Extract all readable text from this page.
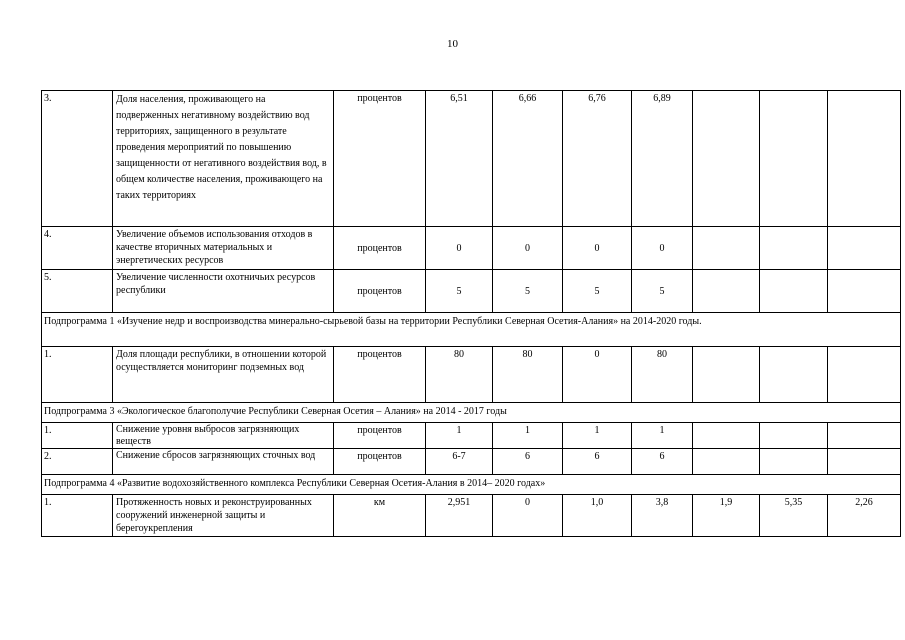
10
3.	Доля населения, проживающего на подверженных негативному воздействию вод территориях, защищенного в результате проведения мероприятий по повышению защищенности от негативного воздействия вод, в общем количестве населения, проживающего на таких территориях	процентов	6,51	6,66	6,76	6,89			
4.	Увеличение объемов использования отходов в качестве вторичных материальных и энергетических ресурсов	процентов	0	0	0	0			
5.	Увеличение численности охотничьих ресурсов республики	процентов	5	5	5	5			
Подпрограмма 1 «Изучение недр и воспроизводства минерально-сырьевой базы на территории Республики Северная Осетия-Алания» на 2014-2020 годы.									
1.	Доля площади республики, в отношении которой осуществляется мониторинг подземных вод	процентов	80	80	0	80			
Подпрограмма 3 «Экологическое благополучие Республики Северная Осетия – Алания» на 2014 - 2017 годы									
1.	Снижение уровня выбросов загрязняющих веществ	процентов	1	1	1	1			
2.	Снижение сбросов загрязняющих сточных вод	процентов	6-7	6	6	6			
Подпрограмма 4 «Развитие водохозяйственного комплекса Республики Северная Осетия-Алания в 2014– 2020 годах»									
1.	Протяженность новых и реконструированных сооружений инженерной защиты и берегоукрепления	км	2,951	0	1,0	3,8	1,9	5,35	2,26
